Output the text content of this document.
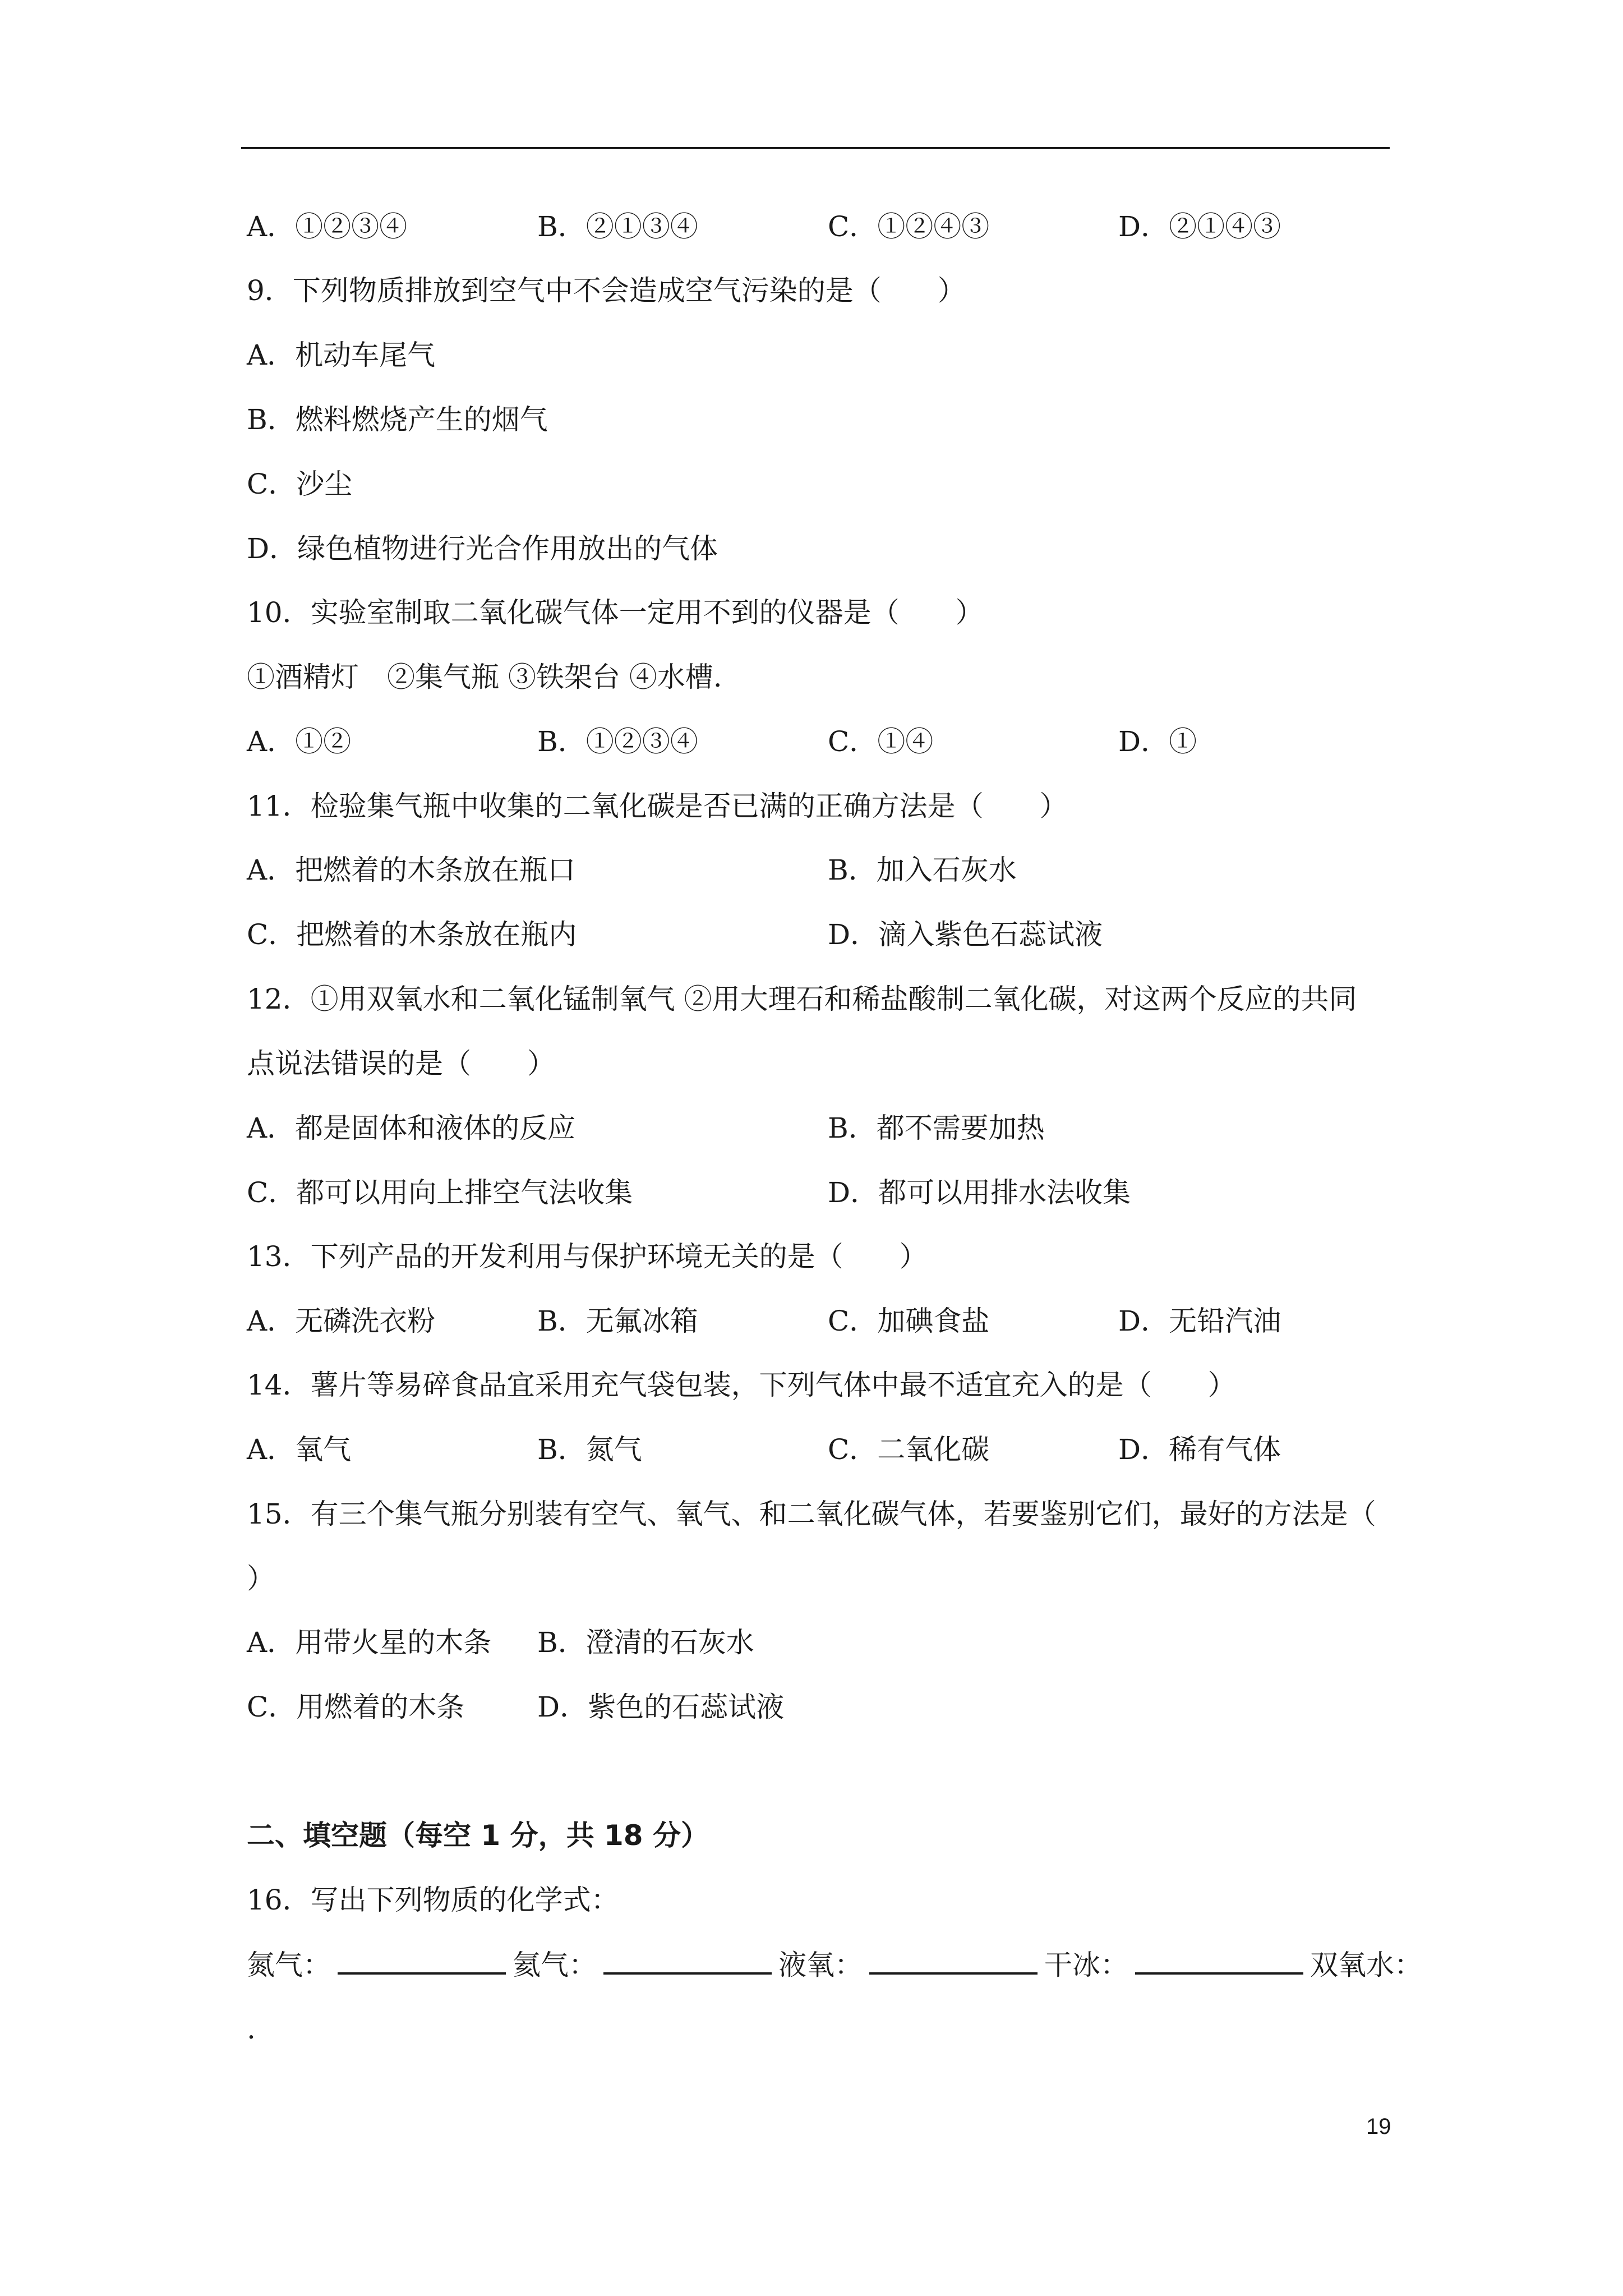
A．①②③④	B．②①③④	C．①②④③	D．②①④③
9．下列物质排放到空气中不会造成空气污染的是（　　）
A．机动车尾气
B．燃料燃烧产生的烟气
C．沙尘
D．绿色植物进行光合作用放出的气体
10．实验室制取二氧化碳气体一定用不到的仪器是（　　）
①酒精灯　②集气瓶 ③铁架台 ④水槽.
A．①②	B．①②③④	C．①④	D．①
11．检验集气瓶中收集的二氧化碳是否已满的正确方法是（　　）
A．把燃着的木条放在瓶口	B．加入石灰水
C．把燃着的木条放在瓶内	D．滴入紫色石蕊试液
12．①用双氧水和二氧化锰制氧气 ②用大理石和稀盐酸制二氧化碳，对这两个反应的共同
点说法错误的是（　　）
A．都是固体和液体的反应	B．都不需要加热
C．都可以用向上排空气法收集	D．都可以用排水法收集
13．下列产品的开发利用与保护环境无关的是（　　）
A．无磷洗衣粉	B．无氟冰箱	C．加碘食盐	D．无铅汽油
14．薯片等易碎食品宜采用充气袋包装，下列气体中最不适宜充入的是（　　）
A．氧气	B．氮气	C．二氧化碳	D．稀有气体
15．有三个集气瓶分别装有空气、氧气、和二氧化碳气体，若要鉴别它们，最好的方法是（
）
A．用带火星的木条 B．澄清的石灰水
C．用燃着的木条	D．紫色的石蕊试液
二、填空题（每空 1 分，共 18 分）
16．写出下列物质的化学式：
氮气：	氦气：	液氧：	干冰：	双氧水：
.
19
